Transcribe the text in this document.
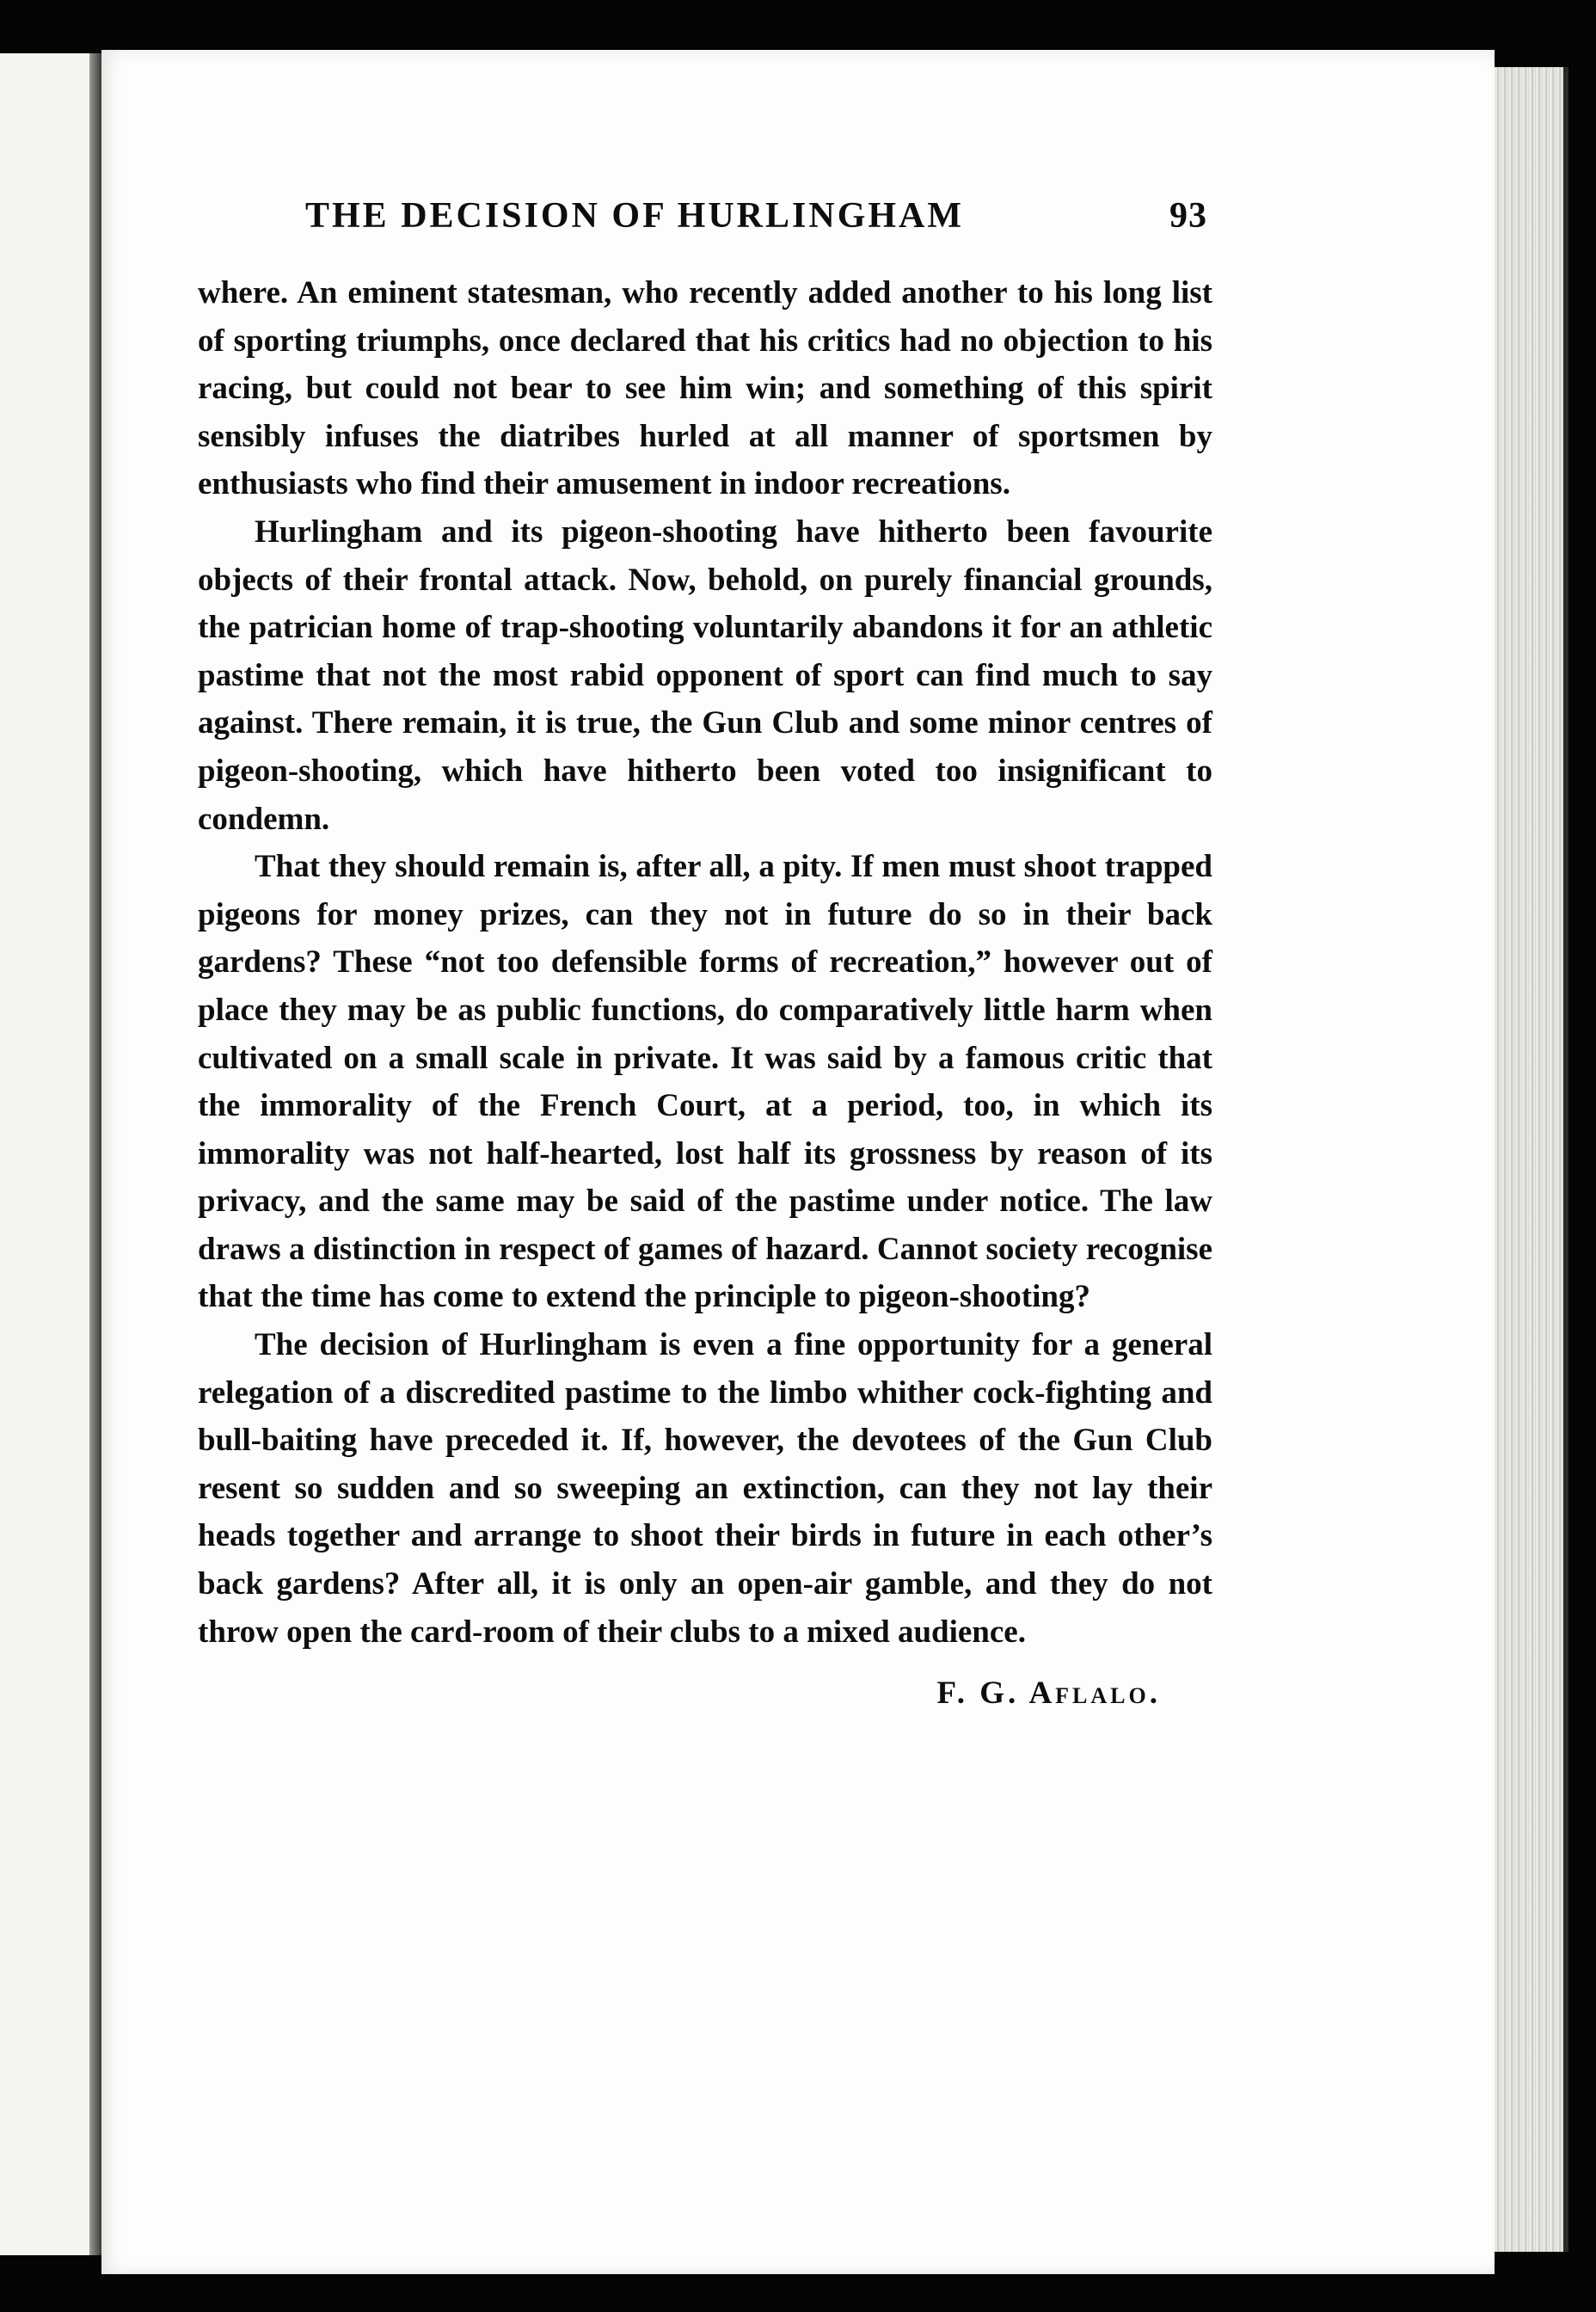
THE DECISION OF HURLINGHAM	93

where. An eminent statesman, who recently added another to his long list of sporting triumphs, once declared that his critics had no objection to his racing, but could not bear to see him win; and something of this spirit sensibly infuses the diatribes hurled at all manner of sportsmen by enthusiasts who find their amusement in indoor recreations.

Hurlingham and its pigeon-shooting have hitherto been favourite objects of their frontal attack. Now, behold, on purely financial grounds, the patrician home of trap-shooting voluntarily abandons it for an athletic pastime that not the most rabid opponent of sport can find much to say against. There remain, it is true, the Gun Club and some minor centres of pigeon-shooting, which have hitherto been voted too insignificant to condemn.

That they should remain is, after all, a pity. If men must shoot trapped pigeons for money prizes, can they not in future do so in their back gardens? These “not too defensible forms of recreation,” however out of place they may be as public functions, do comparatively little harm when cultivated on a small scale in private. It was said by a famous critic that the immorality of the French Court, at a period, too, in which its immorality was not half-hearted, lost half its grossness by reason of its privacy, and the same may be said of the pastime under notice. The law draws a distinction in respect of games of hazard. Cannot society recognise that the time has come to extend the principle to pigeon-shooting?

The decision of Hurlingham is even a fine opportunity for a general relegation of a discredited pastime to the limbo whither cock-fighting and bull-baiting have preceded it. If, however, the devotees of the Gun Club resent so sudden and so sweeping an extinction, can they not lay their heads together and arrange to shoot their birds in future in each other’s back gardens? After all, it is only an open-air gamble, and they do not throw open the card-room of their clubs to a mixed audience.

F. G. Aflalo.
